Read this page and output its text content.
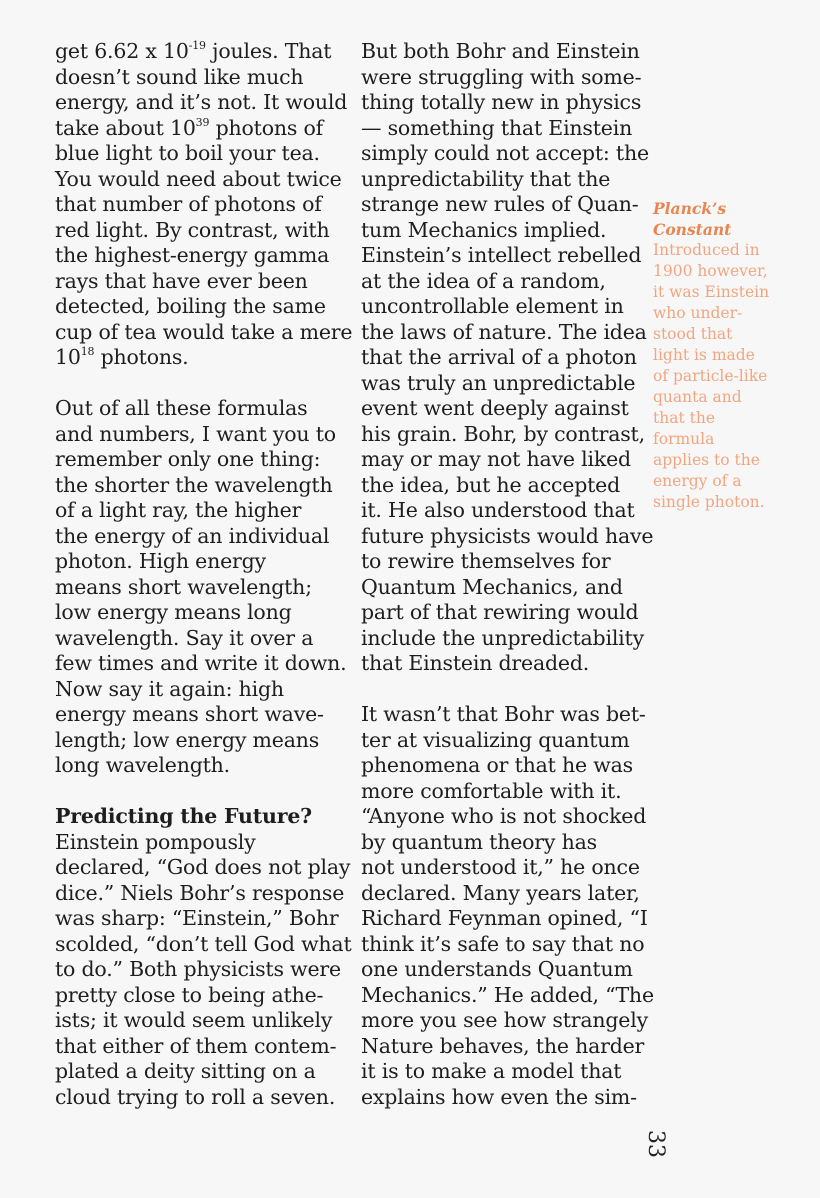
get 6.62 x $10^{-19}$ joules. That
doesn’t sound like much
energy, and it’s not. It would
take about $10^{39}$ photons of
blue light to boil your tea.
You would need about twice
that number of photons of
red light. By contrast, with
the highest-energy gamma
rays that have ever been
detected, boiling the same
cup of tea would take a mere
$10^{18}$ photons.
Out of all these formulas
and numbers, I want you to
remember only one thing:
the shorter the wavelength
of a light ray, the higher
the energy of an individual
photon. High energy
means short wavelength;
low energy means long
wavelength. Say it over a
few times and write it down.
Now say it again: high
energy means short wave-
length; low energy means
long wavelength.
Predicting the Future?
Einstein pompously
declared, “God does not play
dice.” Niels Bohr’s response
was sharp: “Einstein,” Bohr
scolded, “don’t tell God what
to do.” Both physicists were
pretty close to being athe-
ists; it would seem unlikely
that either of them contem-
plated a deity sitting on a
cloud trying to roll a seven.
But both Bohr and Einstein
were struggling with some-
thing totally new in physics
— something that Einstein
simply could not accept: the
unpredictability that the
strange new rules of Quan-
tum Mechanics implied.
Einstein’s intellect rebelled
at the idea of a random,
uncontrollable element in
the laws of nature. The idea
that the arrival of a photon
was truly an unpredictable
event went deeply against
his grain. Bohr, by contrast,
may or may not have liked
the idea, but he accepted
it. He also understood that
future physicists would have
to rewire themselves for
Quantum Mechanics, and
part of that rewiring would
include the unpredictability
that Einstein dreaded.
It wasn’t that Bohr was bet-
ter at visualizing quantum
phenomena or that he was
more comfortable with it.
“Anyone who is not shocked
by quantum theory has
not understood it,” he once
declared. Many years later,
Richard Feynman opined, “I
think it’s safe to say that no
one understands Quantum
Mechanics.” He added, “The
more you see how strangely
Nature behaves, the harder
it is to make a model that
explains how even the sim-
Planck’s
Constant
Introduced in
1900 however,
it was Einstein
who under-
stood that
light is made
of particle-like
quanta and
that the
formula
applies to the
energy of a
single photon.
33
